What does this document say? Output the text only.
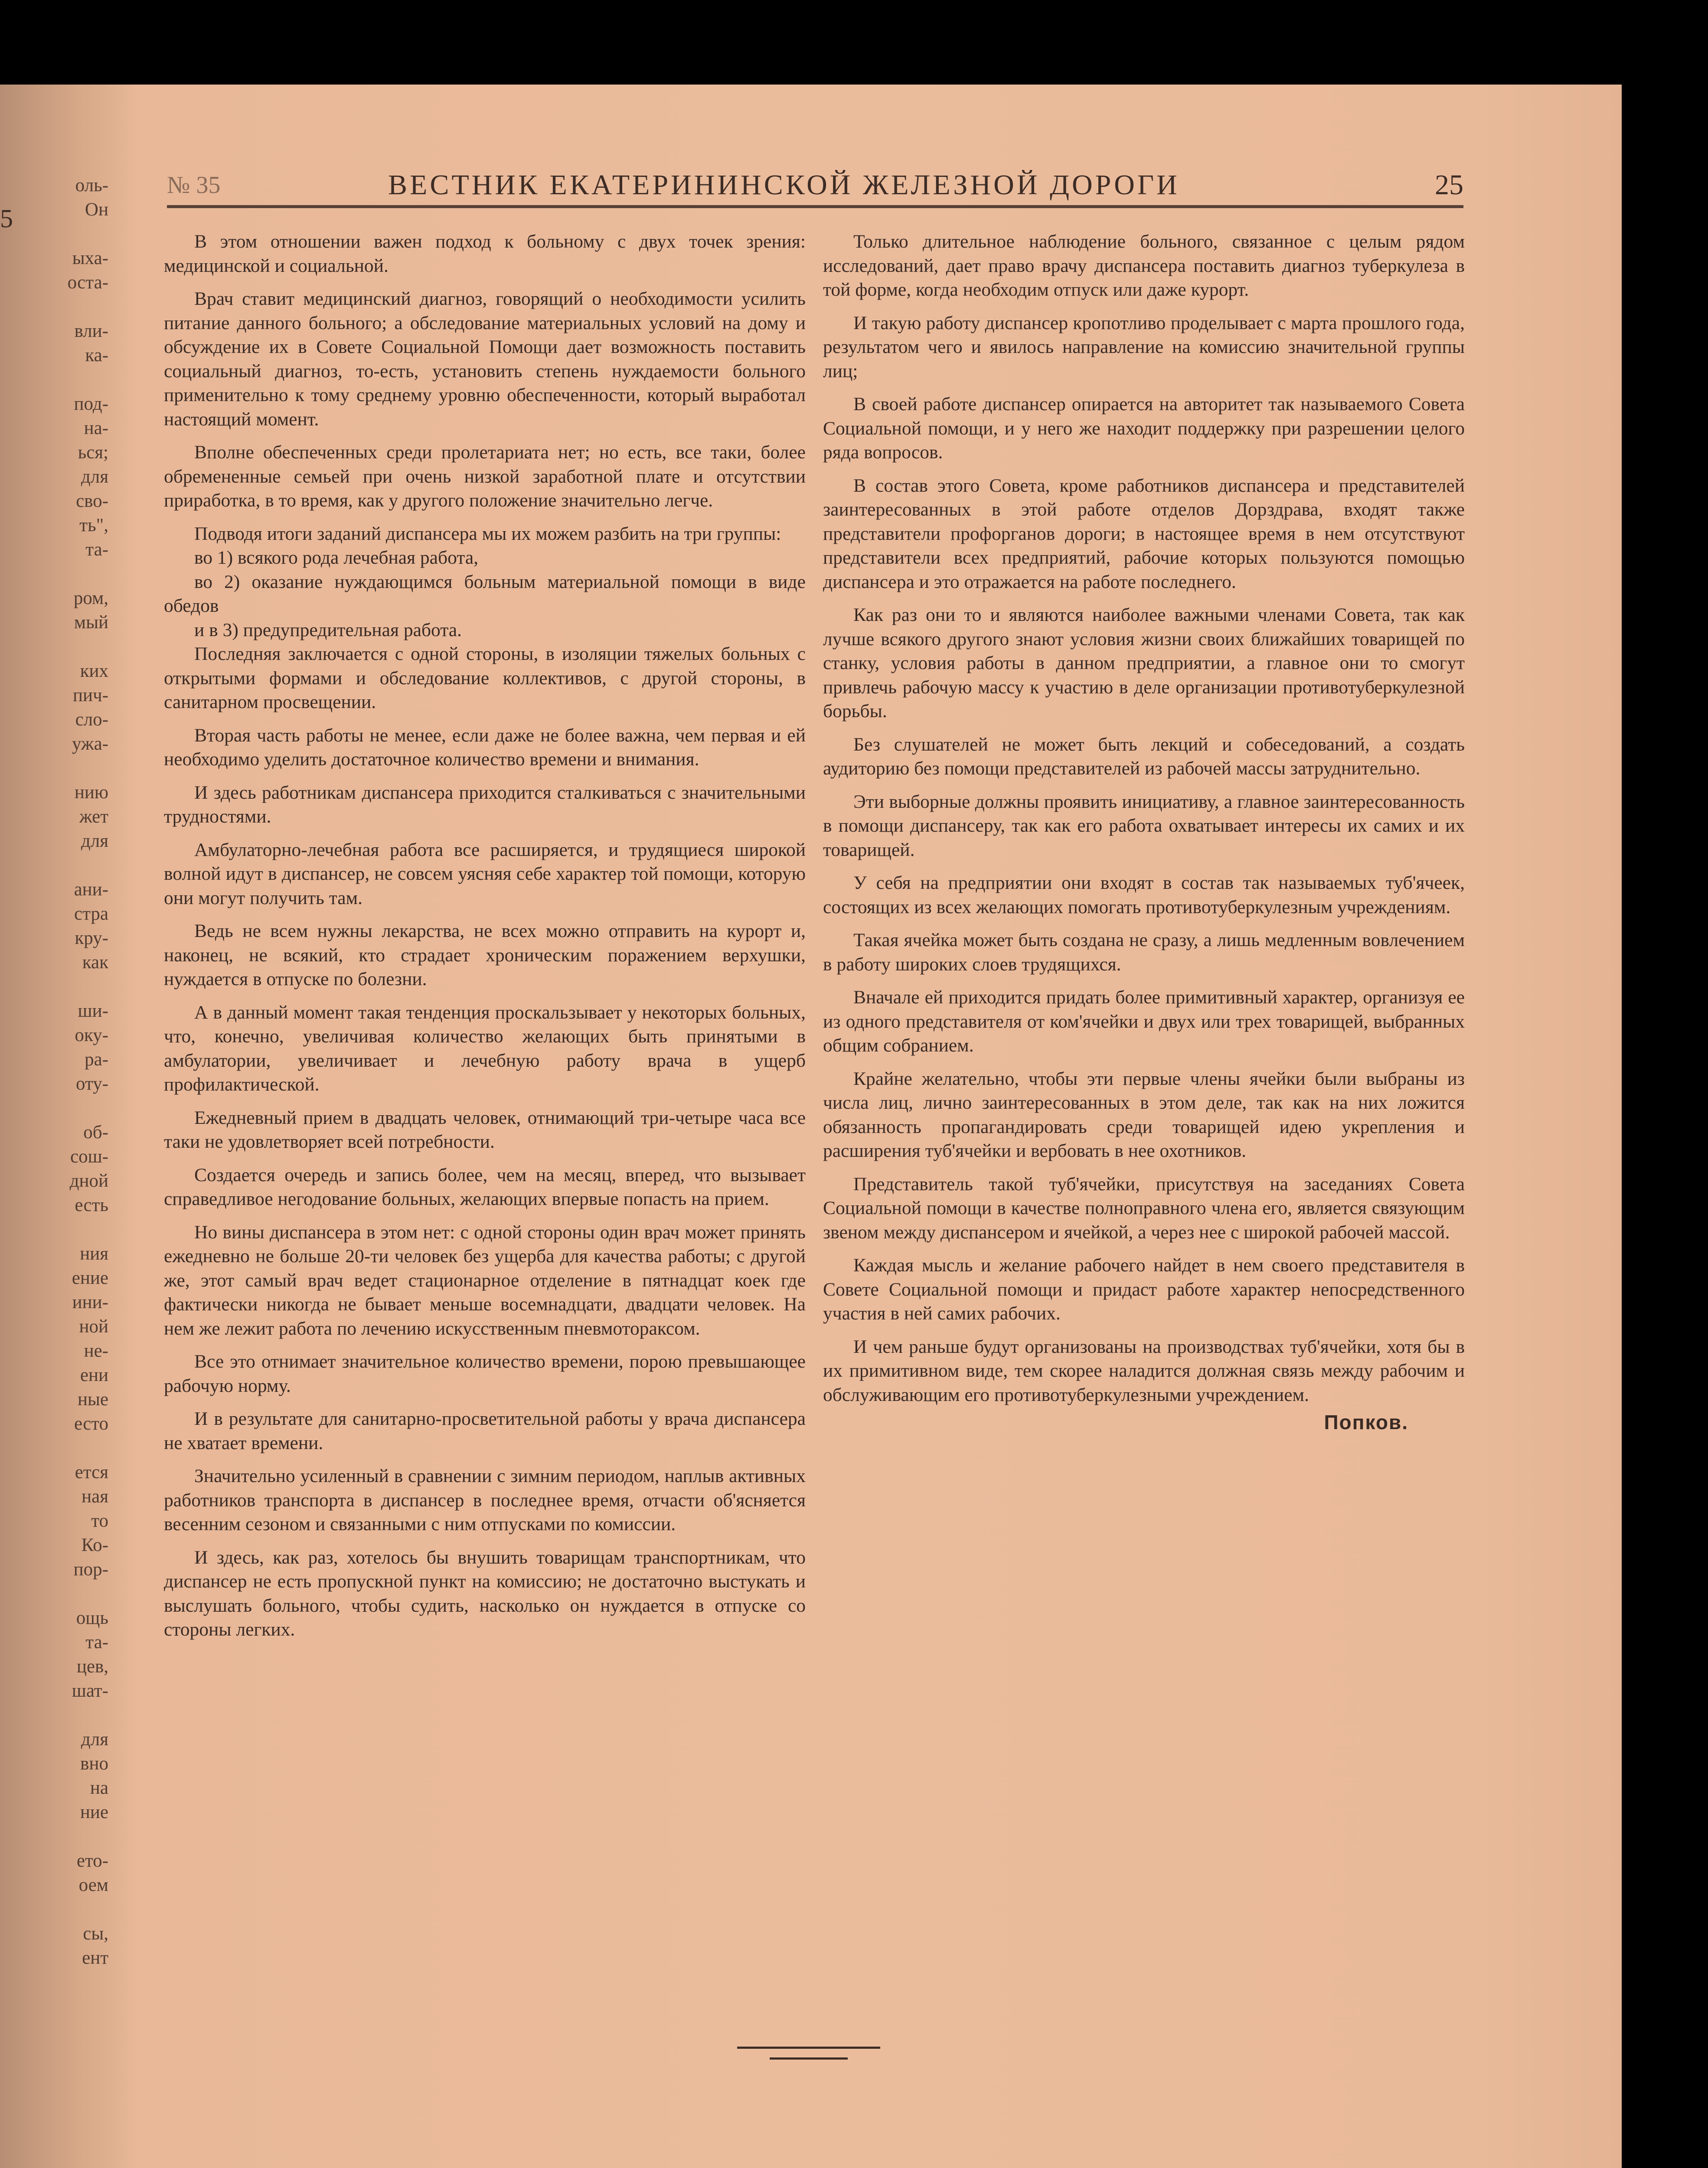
5
оль-
Он
ыха-
оста-
вли-
ка-
под-
на-
ься;
для
сво-
ть",
та-
ром,
мый
ких
пич-
сло-
ужа-
нию
жет
для
ани-
стра
кру-
как
ши-
оку-
ра-
оту-
об-
сош-
дной
есть
ния
ение
ини-
ной
не-
ени
ные
есто
ется
ная
то
Ко-
пор-
ощь
та-
цев,
шат-
для
вно
на
ние
ето-
оем
сы,
ент
№ 35	ВЕСТНИК ЕКАТЕРИНИНСКОЙ ЖЕЛЕЗНОЙ ДОРОГИ	25

В этом отношении важен подход к больному с двух точек зрения: медицинской и социальной.

Врач ставит медицинский диагноз, говорящий о необходимости усилить питание данного больного; а обследование материальных условий на дому и обсуждение их в Совете Социальной Помощи дает возможность поставить социальный диагноз, то-есть, установить степень нуждаемости больного применительно к тому среднему уровню обеспеченности, который выработал настоящий момент.

Вполне обеспеченных среди пролетариата нет; но есть, все таки, более обремененные семьей при очень низкой заработной плате и отсутствии приработка, в то время, как у другого положение значительно легче.

Подводя итоги заданий диспансера мы их можем разбить на три группы:

во 1) всякого рода лечебная работа,

во 2) оказание нуждающимся больным материальной помощи в виде обедов

и в 3) предупредительная работа.

Последняя заключается с одной стороны, в изоляции тяжелых больных с открытыми формами и обследование коллективов, с другой стороны, в санитарном просвещении.

Вторая часть работы не менее, если даже не более важна, чем первая и ей необходимо уделить достаточное количество времени и внимания.

И здесь работникам диспансера приходится сталкиваться с значительными трудностями.

Амбулаторно-лечебная работа все расширяется, и трудящиеся широкой волной идут в диспансер, не совсем уясняя себе характер той помощи, которую они могут получить там.

Ведь не всем нужны лекарства, не всех можно отправить на курорт и, наконец, не всякий, кто страдает хроническим поражением верхушки, нуждается в отпуске по болезни.

А в данный момент такая тенденция проскальзывает у некоторых больных, что, конечно, увеличивая количество желающих быть принятыми в амбулатории, увеличивает и лечебную работу врача в ущерб профилактической.

Ежедневный прием в двадцать человек, отнимающий три-четыре часа все таки не удовлетворяет всей потребности.

Создается очередь и запись более, чем на месяц, вперед, что вызывает справедливое негодование больных, желающих впервые попасть на прием.

Но вины диспансера в этом нет: с одной стороны один врач может принять ежедневно не больше 20-ти человек без ущерба для качества работы; с другой же, этот самый врач ведет стационарное отделение в пятнадцат коек где фактически никогда не бывает меньше восемнадцати, двадцати человек. На нем же лежит работа по лечению искусственным пневмотораксом.

Все это отнимает значительное количество времени, порою превышающее рабочую норму.

И в результате для санитарно-просветительной работы у врача диспансера не хватает времени.

Значительно усиленный в сравнении с зимним периодом, наплыв активных работников транспорта в диспансер в последнее время, отчасти об'ясняется весенним сезоном и связанными с ним отпусками по комиссии.

И здесь, как раз, хотелось бы внушить товарищам транспортникам, что диспансер не есть пропускной пункт на комиссию; не достаточно выстукать и выслушать больного, чтобы судить, насколько он нуждается в отпуске со стороны легких.

Только длительное наблюдение больного, связанное с целым рядом исследований, дает право врачу диспансера поставить диагноз туберкулеза в той форме, когда необходим отпуск или даже курорт.

И такую работу диспансер кропотливо проделывает с марта прошлого года, результатом чего и явилось направление на комиссию значительной группы лиц;

В своей работе диспансер опирается на авторитет так называемого Совета Социальной помощи, и у него же находит поддержку при разрешении целого ряда вопросов.

В состав этого Совета, кроме работников диспансера и представителей заинтересованных в этой работе отделов Дорздрава, входят также представители профорганов дороги; в настоящее время в нем отсутствуют представители всех предприятий, рабочие которых пользуются помощью диспансера и это отражается на работе последнего.

Как раз они то и являются наиболее важными членами Совета, так как лучше всякого другого знают условия жизни своих ближайших товарищей по станку, условия работы в данном предприятии, а главное они то смогут привлечь рабочую массу к участию в деле организации противотуберкулезной борьбы.

Без слушателей не может быть лекций и собеседований, а создать аудиторию без помощи представителей из рабочей массы затруднительно.

Эти выборные должны проявить инициативу, а главное заинтересованность в помощи диспансеру, так как его работа охватывает интересы их самих и их товарищей.

У себя на предприятии они входят в состав так называемых туб'ячеек, состоящих из всех желающих помогать противотуберкулезным учреждениям.

Такая ячейка может быть создана не сразу, а лишь медленным вовлечением в работу широких слоев трудящихся.

Вначале ей приходится придать более примитивный характер, организуя ее из одного представителя от ком'ячейки и двух или трех товарищей, выбранных общим собранием.

Крайне желательно, чтобы эти первые члены ячейки были выбраны из числа лиц, лично заинтересованных в этом деле, так как на них ложится обязанность пропагандировать среди товарищей идею укрепления и расширения туб'ячейки и вербовать в нее охотников.

Представитель такой туб'ячейки, присутствуя на заседаниях Совета Социальной помощи в качестве полноправного члена его, является связующим звеном между диспансером и ячейкой, а через нее с широкой рабочей массой.

Каждая мысль и желание рабочего найдет в нем своего представителя в Совете Социальной помощи и придаст работе характер непосредственного участия в ней самих рабочих.

И чем раньше будут организованы на производствах туб'ячейки, хотя бы в их примитивном виде, тем скорее наладится должная связь между рабочим и обслуживающим его противотуберкулезными учреждением.

Попков.
